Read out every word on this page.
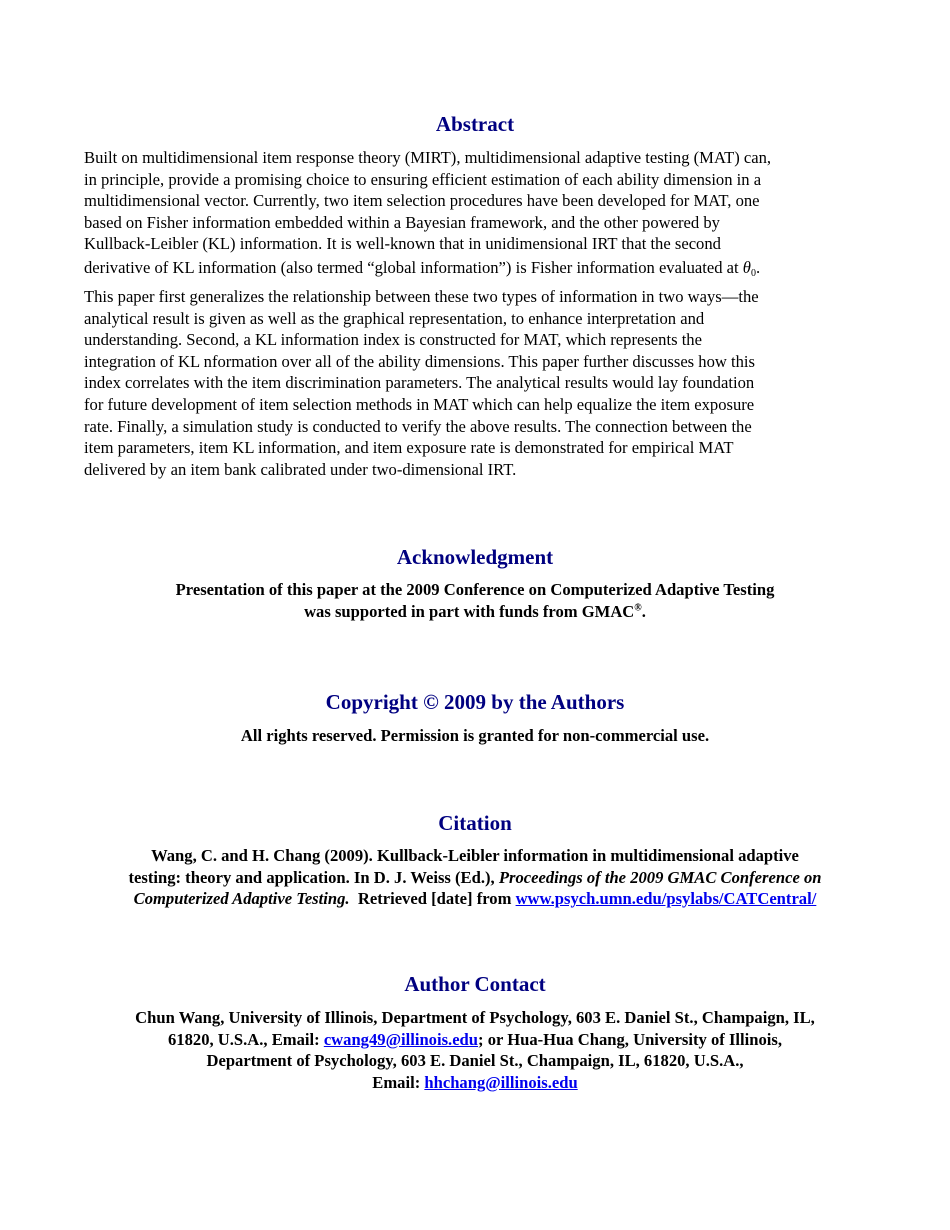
Abstract

Built on multidimensional item response theory (MIRT), multidimensional adaptive testing (MAT) can,

in principle, provide a promising choice to ensuring efficient estimation of each ability dimension in a

multidimensional vector. Currently, two item selection procedures have been developed for MAT, one

based on Fisher information embedded within a Bayesian framework, and the other powered by

Kullback-Leibler (KL) information. It is well-known that in unidimensional IRT that the second

derivative of KL information (also termed “global information”) is Fisher information evaluated at θ0.

This paper first generalizes the relationship between these two types of information in two ways—the

analytical result is given as well as the graphical representation, to enhance interpretation and

understanding. Second, a KL information index is constructed for MAT, which represents the

integration of KL nformation over all of the ability dimensions. This paper further discusses how this

index correlates with the item discrimination parameters. The analytical results would lay foundation

for future development of item selection methods in MAT which can help equalize the item exposure

rate. Finally, a simulation study is conducted to verify the above results. The connection between the

item parameters, item KL information, and item exposure rate is demonstrated for empirical MAT

delivered by an item bank calibrated under two-dimensional IRT.

Acknowledgment
Presentation of this paper at the 2009 Conference on Computerized Adaptive Testing
was supported in part with funds from GMAC®.
Copyright © 2009 by the Authors
All rights reserved. Permission is granted for non-commercial use.
Citation
Wang, C. and H. Chang (2009). Kullback-Leibler information in multidimensional adaptive
testing: theory and application. In D. J. Weiss (Ed.), Proceedings of the 2009 GMAC Conference on
Computerized Adaptive Testing.  Retrieved [date] from www.psych.umn.edu/psylabs/CATCentral/
Author Contact
Chun Wang, University of Illinois, Department of Psychology, 603 E. Daniel St., Champaign, IL,
61820, U.S.A., Email: cwang49@illinois.edu; or Hua-Hua Chang, University of Illinois,
Department of Psychology, 603 E. Daniel St., Champaign, IL, 61820, U.S.A.,
Email: hhchang@illinois.edu
